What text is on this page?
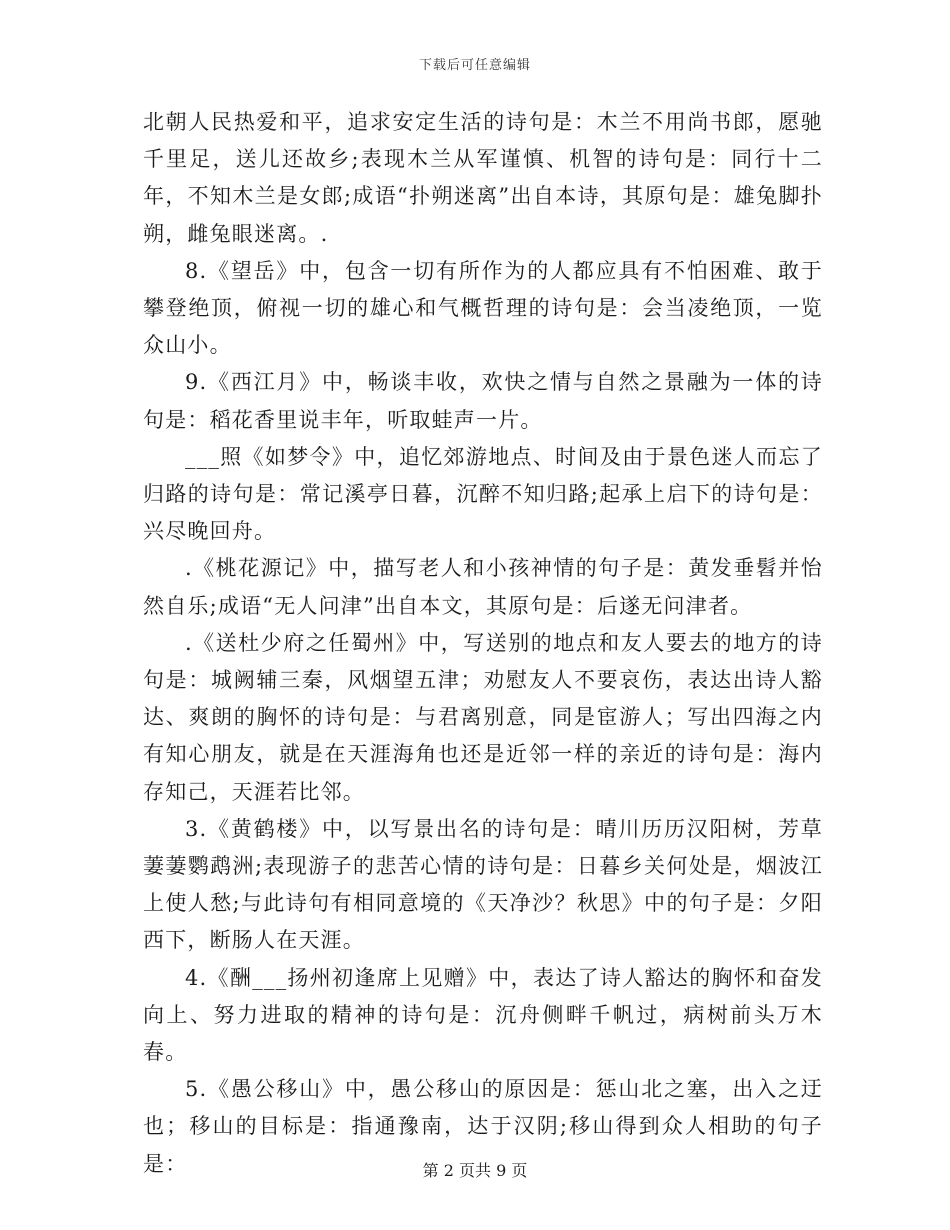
下载后可任意编辑

北朝人民热爱和平，追求安定生活的诗句是：木兰不用尚书郎，愿驰千里足，送儿还故乡;表现木兰从军谨慎、机智的诗句是：同行十二年，不知木兰是女郎;成语“扑朔迷离”出自本诗，其原句是：雄兔脚扑朔，雌兔眼迷离。.

8.《望岳》中，包含一切有所作为的人都应具有不怕困难、敢于攀登绝顶，俯视一切的雄心和气概哲理的诗句是：会当凌绝顶，一览众山小。

9.《西江月》中，畅谈丰收，欢快之情与自然之景融为一体的诗句是：稻花香里说丰年，听取蛙声一片。

___照《如梦令》中，追忆郊游地点、时间及由于景色迷人而忘了归路的诗句是：常记溪亭日暮，沉醉不知归路;起承上启下的诗句是：兴尽晚回舟。

.《桃花源记》中，描写老人和小孩神情的句子是：黄发垂髫并怡然自乐;成语“无人问津”出自本文，其原句是：后遂无问津者。

.《送杜少府之任蜀州》中，写送别的地点和友人要去的地方的诗句是：城阙辅三秦，风烟望五津；劝慰友人不要哀伤，表达出诗人豁达、爽朗的胸怀的诗句是：与君离别意，同是宦游人；写出四海之内有知心朋友，就是在天涯海角也还是近邻一样的亲近的诗句是：海内存知己，天涯若比邻。

3.《黄鹤楼》中，以写景出名的诗句是：晴川历历汉阳树，芳草萋萋鹦鹉洲;表现游子的悲苦心情的诗句是：日暮乡关何处是，烟波江上使人愁;与此诗句有相同意境的《天净沙？秋思》中的句子是：夕阳西下，断肠人在天涯。

4.《酬___扬州初逢席上见赠》中，表达了诗人豁达的胸怀和奋发向上、努力进取的精神的诗句是：沉舟侧畔千帆过，病树前头万木春。

5.《愚公移山》中，愚公移山的原因是：惩山北之塞，出入之迂也；移山的目标是：指通豫南，达于汉阴;移山得到众人相助的句子是：	第 2 页共 9 页
